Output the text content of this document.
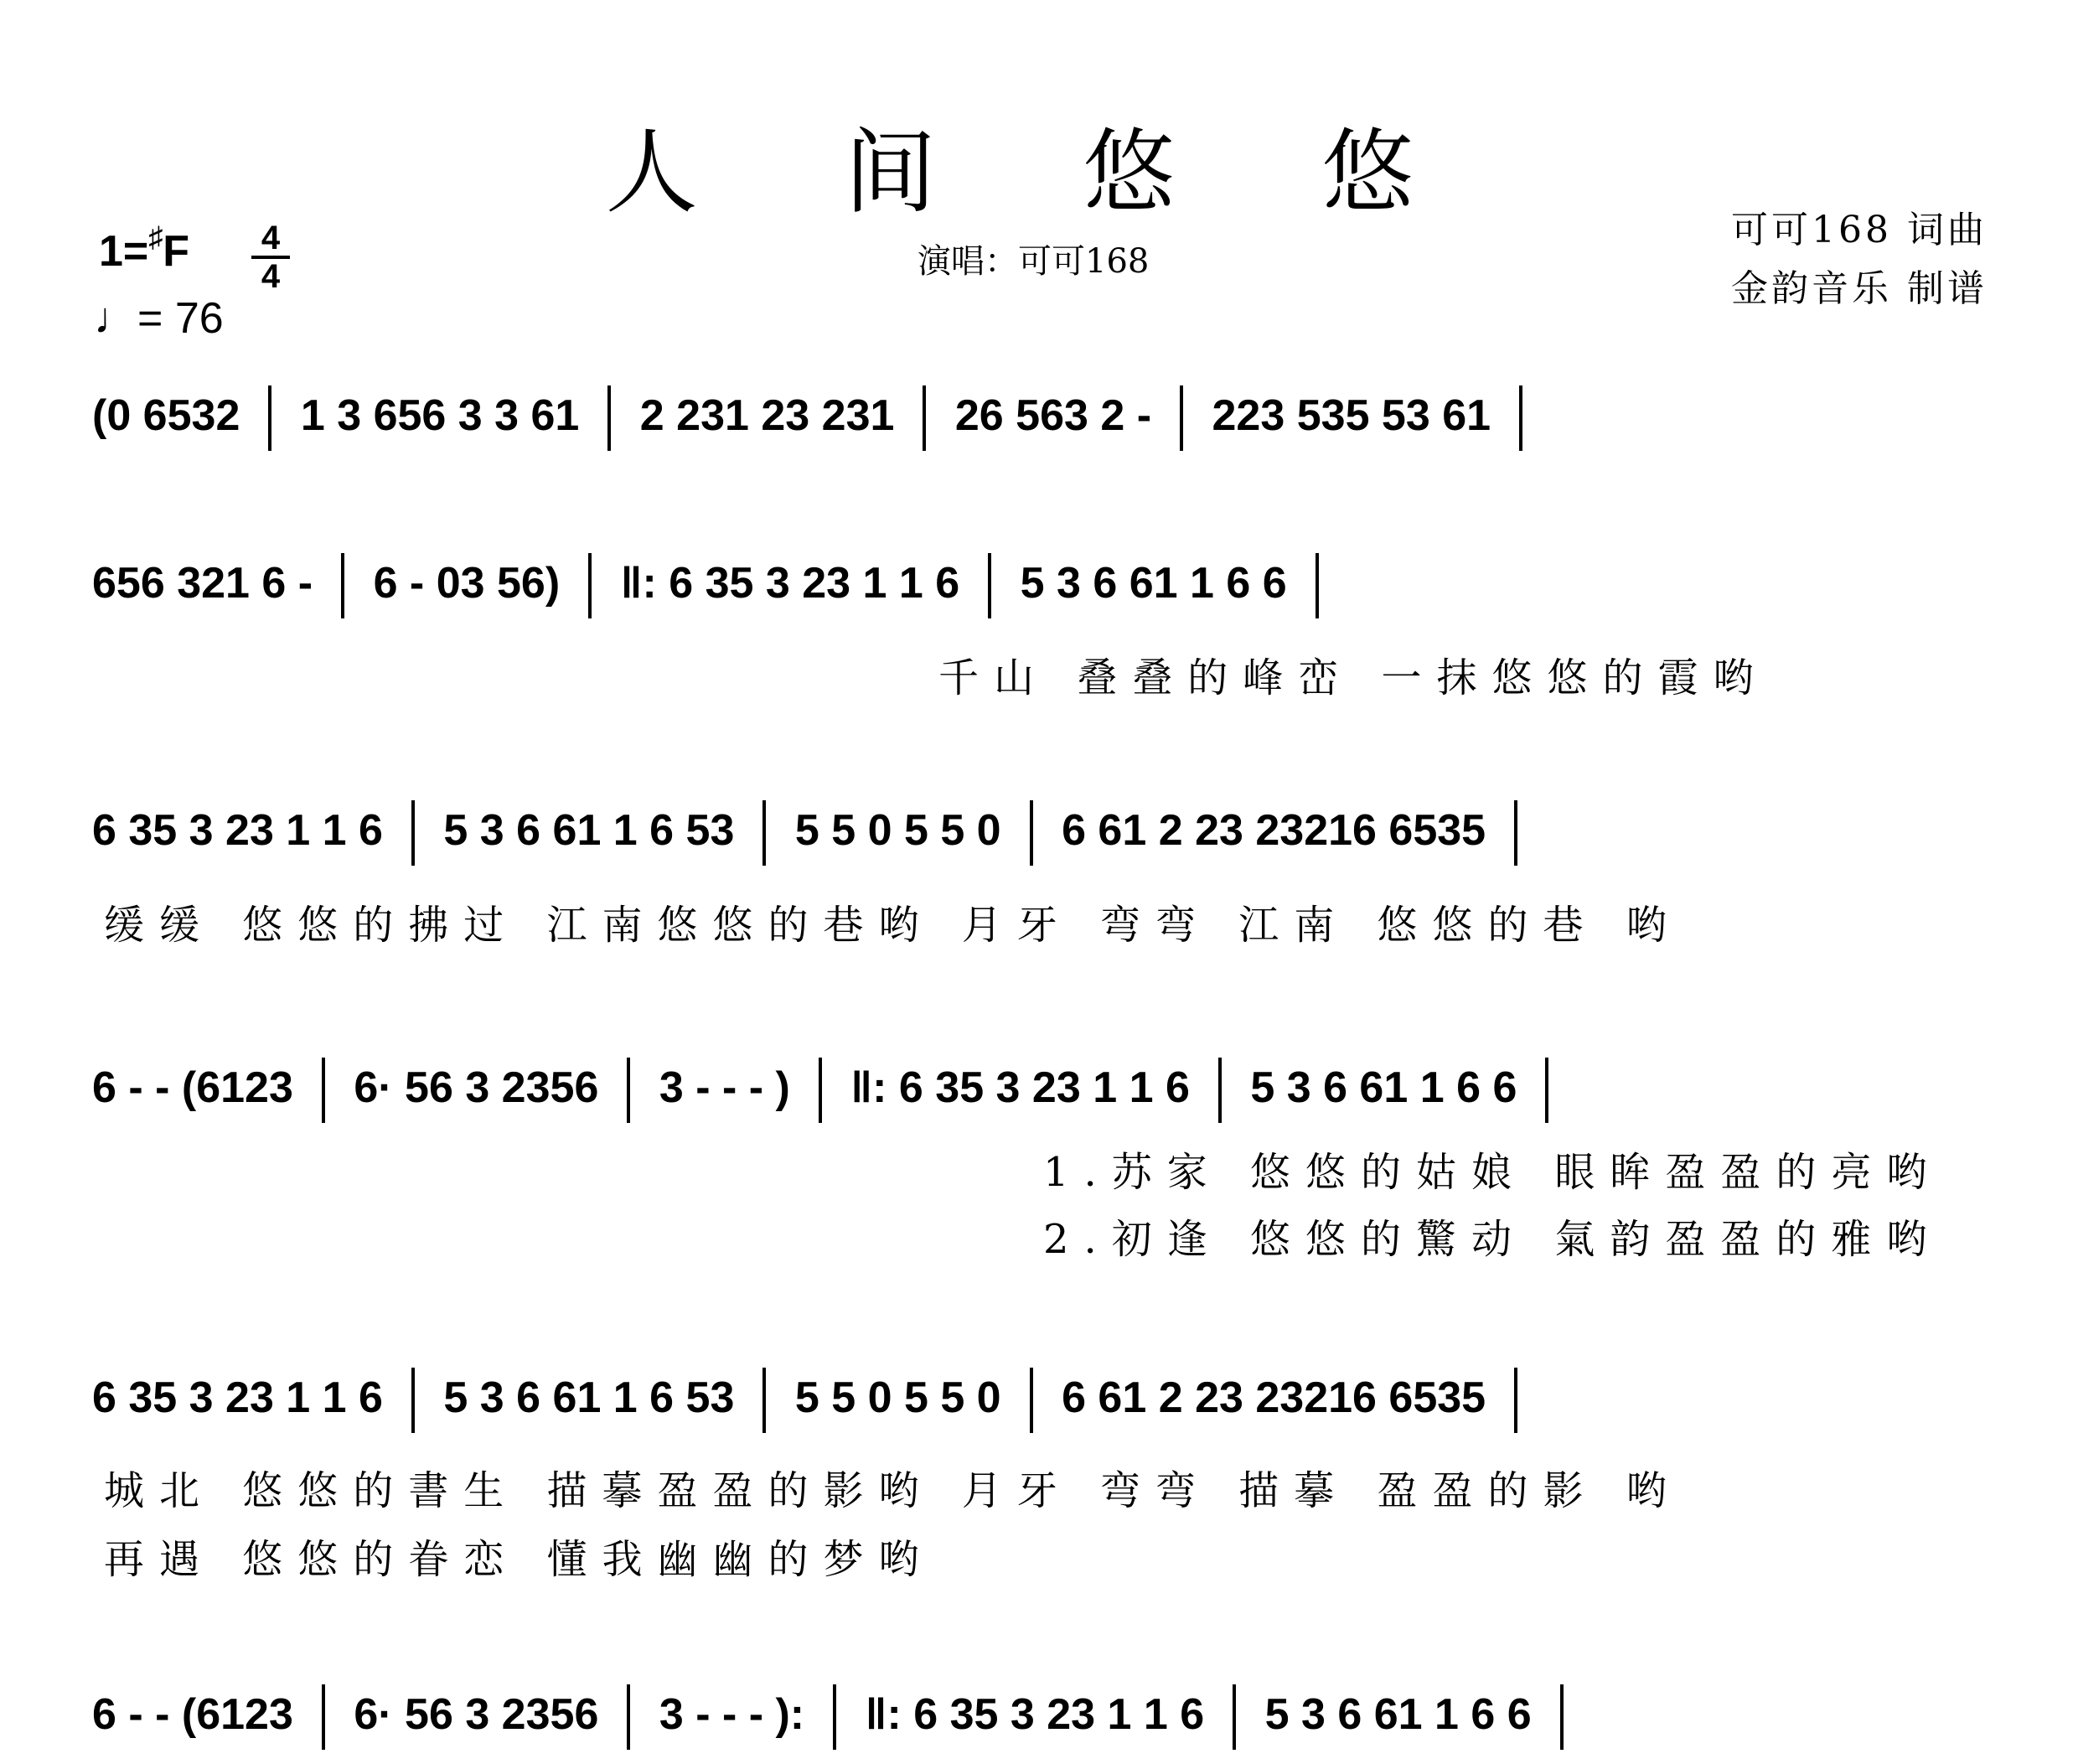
人 间 悠 悠
1=♯F 4
4
♩= 76
演唱：可可168
可可168 词曲
金韵音乐 制谱
(0 6532 1 3 656 3 3 61 2 231 23 231 26 563 2 - 223 535 53 61
656 321 6 - 6 - 03 56) ‖: 6 35 3 23 1 1 6 5 3 6 61 1 6 6
千山 叠叠的峰峦 一抹悠悠的霞哟
6 35 3 23 1 1 6 5 3 6 61 1 6 53 5 5 0 5 5 0 6 61 2 23 23216 6535
缓缓 悠悠的拂过 江南悠悠的巷哟 月牙 弯弯 江南 悠悠的巷 哟
6 - - (6123 6· 56 3 2356 3 - - - ) ‖: 6 35 3 23 1 1 6 5 3 6 61 1 6 6
1.苏家 悠悠的姑娘 眼眸盈盈的亮哟
2.初逢 悠悠的驚动 氣韵盈盈的雅哟
6 35 3 23 1 1 6 5 3 6 61 1 6 53 5 5 0 5 5 0 6 61 2 23 23216 6535
城北 悠悠的書生 描摹盈盈的影哟 月牙 弯弯 描摹 盈盈的影 哟
再遇 悠悠的眷恋 懂我幽幽的梦哟
6 - - (6123 6· 56 3 2356 3 - - - ): ‖: 6 35 3 23 1 1 6 5 3 6 61 1 6 6
